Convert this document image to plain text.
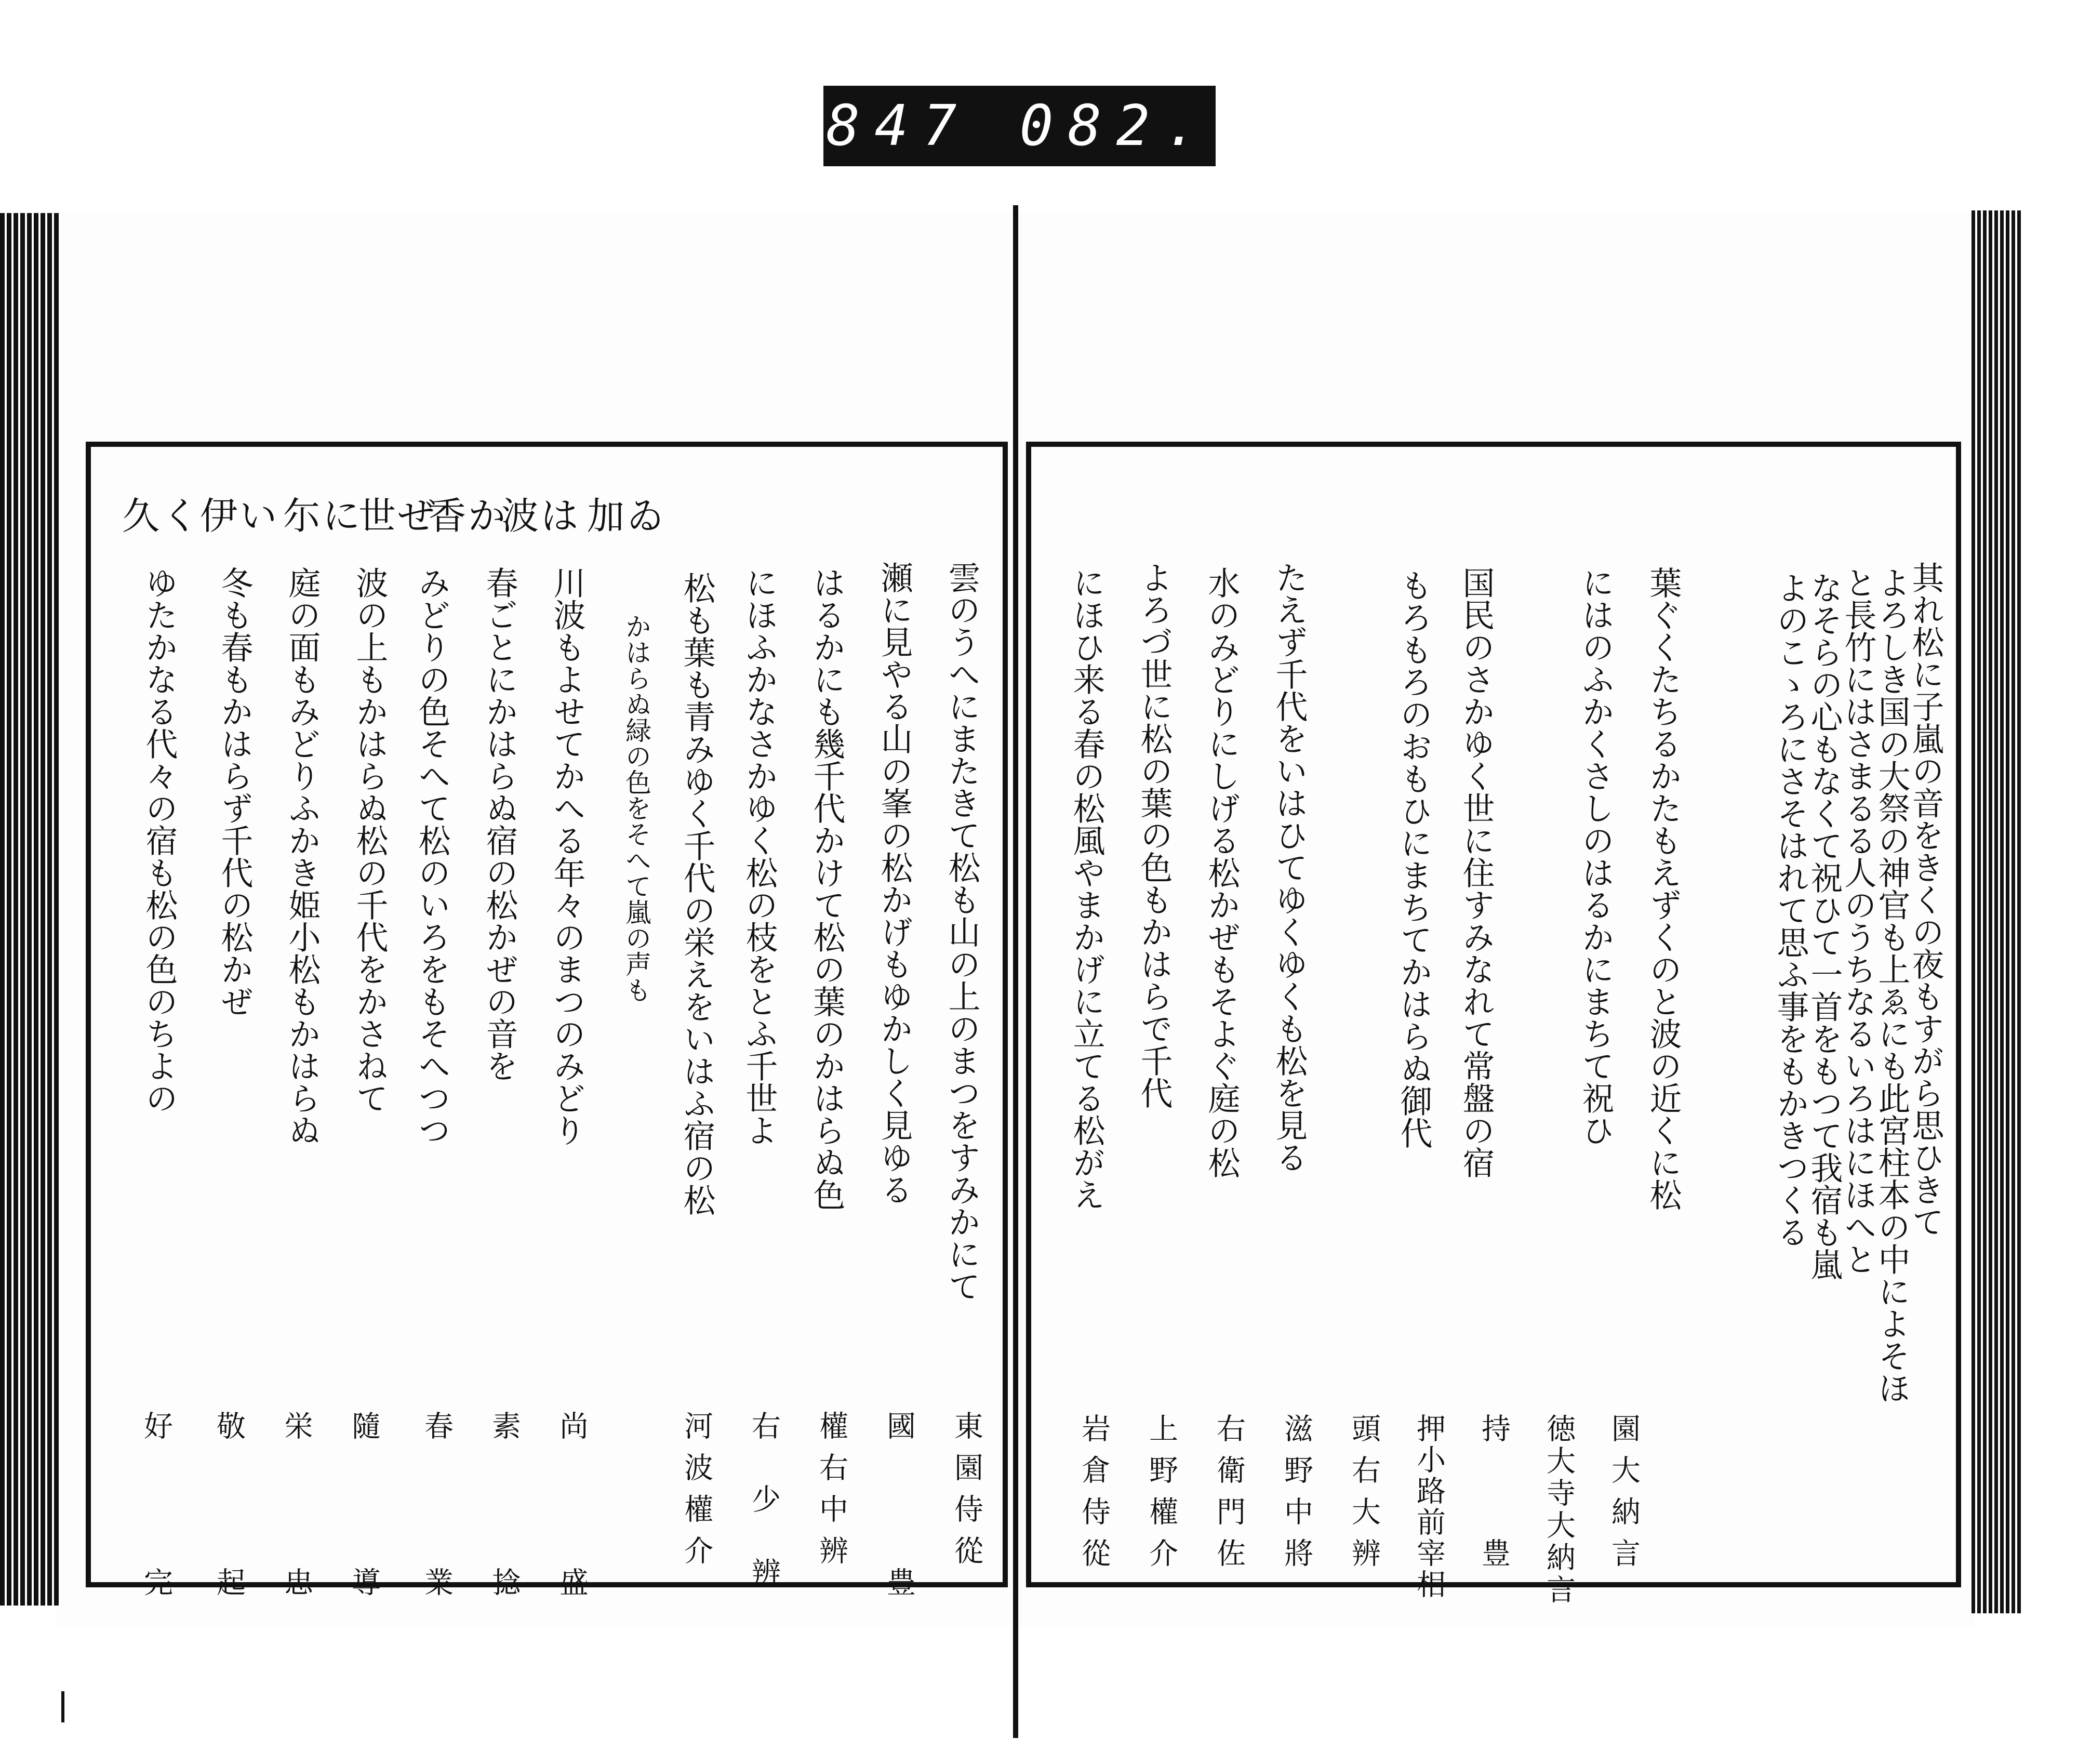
847 082.
其れ松に子嵐の音をきくの夜もすがら思ひきて
よろしき国の大祭の神官も上ゑにも此宮柱本の中によそほ
と長竹にはさまるる人のうちなるいろはにほへと
なそらの心もなくて祝ひて一首をもつて我宿も嵐
よのこゝろにさそはれて思ふ事をもかきつくる
葉ぐくたちるかたもえずくのと波の近くに松
にはのふかくさしのはるかにまちて祝ひ
国民のさかゆく世に住すみなれて常盤の宿
もろもろのおもひにまちてかはらぬ御代
たえず千代をいはひてゆくゆくも松を見る
水のみどりにしげる松かぜもそよぐ庭の松
よろづ世に松の葉の色もかはらで千代
にほひ来る春の松風やまかげに立てる松がえ
園大納言
徳大寺大納言
持
豊
押小路前宰相
頭右大辨
滋野中將
右衛門佐
上野權介
岩倉侍從
加ゐ
波は
香か
世ぜ
尓に
伊い
久く
雲のうへにまたきて松も山の上のまつをすみかにて
瀬に見やる山の峯の松かげもゆかしく見ゆる
はるかにも幾千代かけて松の葉のかはらぬ色
にほふかなさかゆく松の枝をとふ千世よ
松も葉も青みゆく千代の栄えをいはふ宿の松
かはらぬ緑の色をそへて嵐の声も
川波もよせてかへる年々のまつのみどり
春ごとにかはらぬ宿の松かぜの音を
みどりの色そへて松のいろをもそへつつ
波の上もかはらぬ松の千代をかさねて
庭の面もみどりふかき姫小松もかはらぬ
冬も春もかはらず千代の松かぜ
ゆたかなる代々の宿も松の色のちよの
東園侍從
國 豊
權右中辨
右 少 辨
河波權介
尚 盛
素 捻
春 業
隨 導
栄 忠
敬 起
好 完
